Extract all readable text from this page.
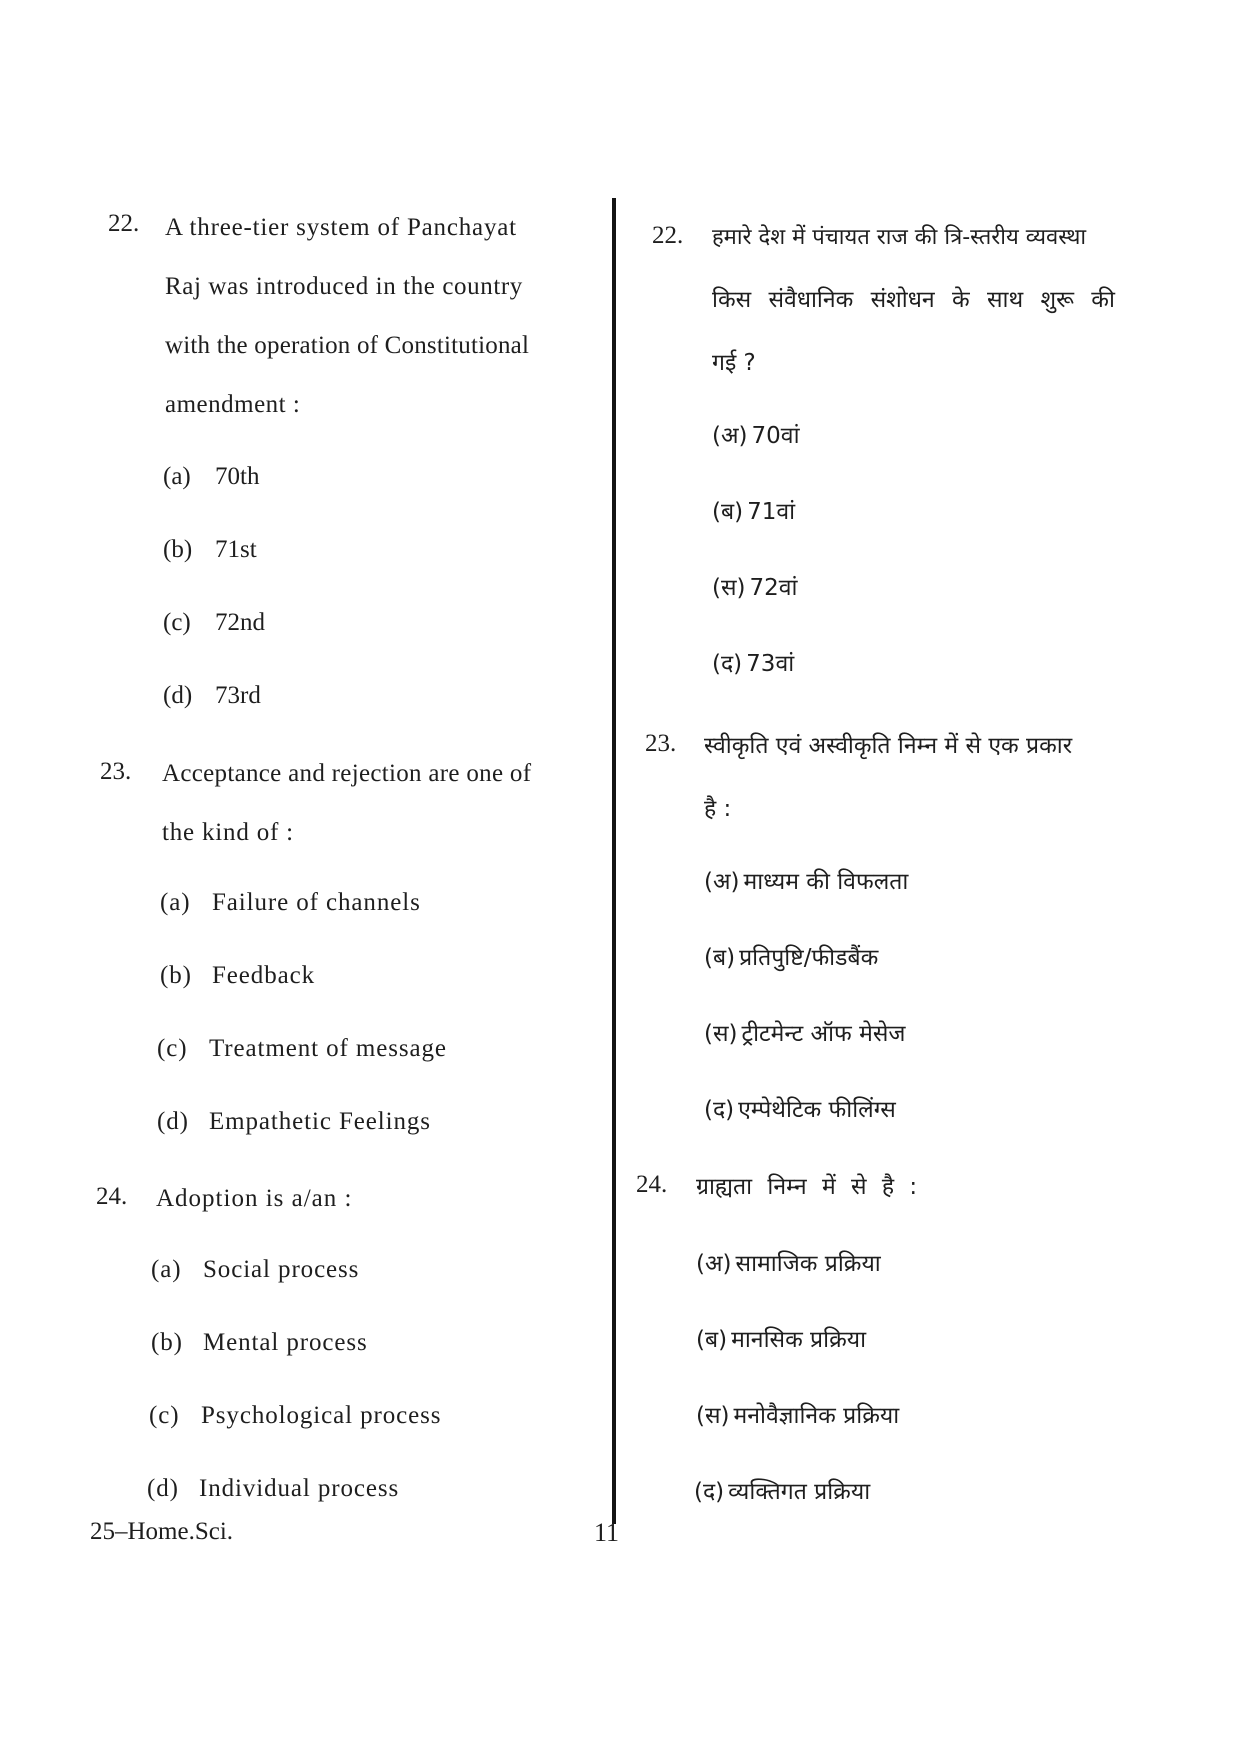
22. A three-tier system of Panchayat
Raj was introduced in the country
with the operation of Constitutional
amendment :
(a) 70th
(b) 71st
(c) 72nd
(d) 73rd
23. Acceptance and rejection are one of
the kind of :
(a) Failure of channels
(b) Feedback
(c) Treatment of message
(d) Empathetic Feelings
24. Adoption is a/an :
(a) Social process
(b) Mental process
(c) Psychological process
(d) Individual process
22. हमारे देश में पंचायत राज की त्रि-स्तरीय व्यवस्था
किस संवैधानिक संशोधन के साथ शुरू की
गई ?
(अ) 70वां
(ब) 71वां
(स) 72वां
(द) 73वां
23. स्वीकृति एवं अस्वीकृति निम्न में से एक प्रकार
है :
(अ) माध्यम की विफलता
(ब) प्रतिपुष्टि/फीडबैंक
(स) ट्रीटमेन्ट ऑफ मेसेज
(द) एम्पेथेटिक फीलिंग्स
24. ग्राह्यता निम्न में से है :
(अ) सामाजिक प्रक्रिया
(ब) मानसिक प्रक्रिया
(स) मनोवैज्ञानिक प्रक्रिया
(द) व्यक्तिगत प्रक्रिया
25–Home.Sci.	11
